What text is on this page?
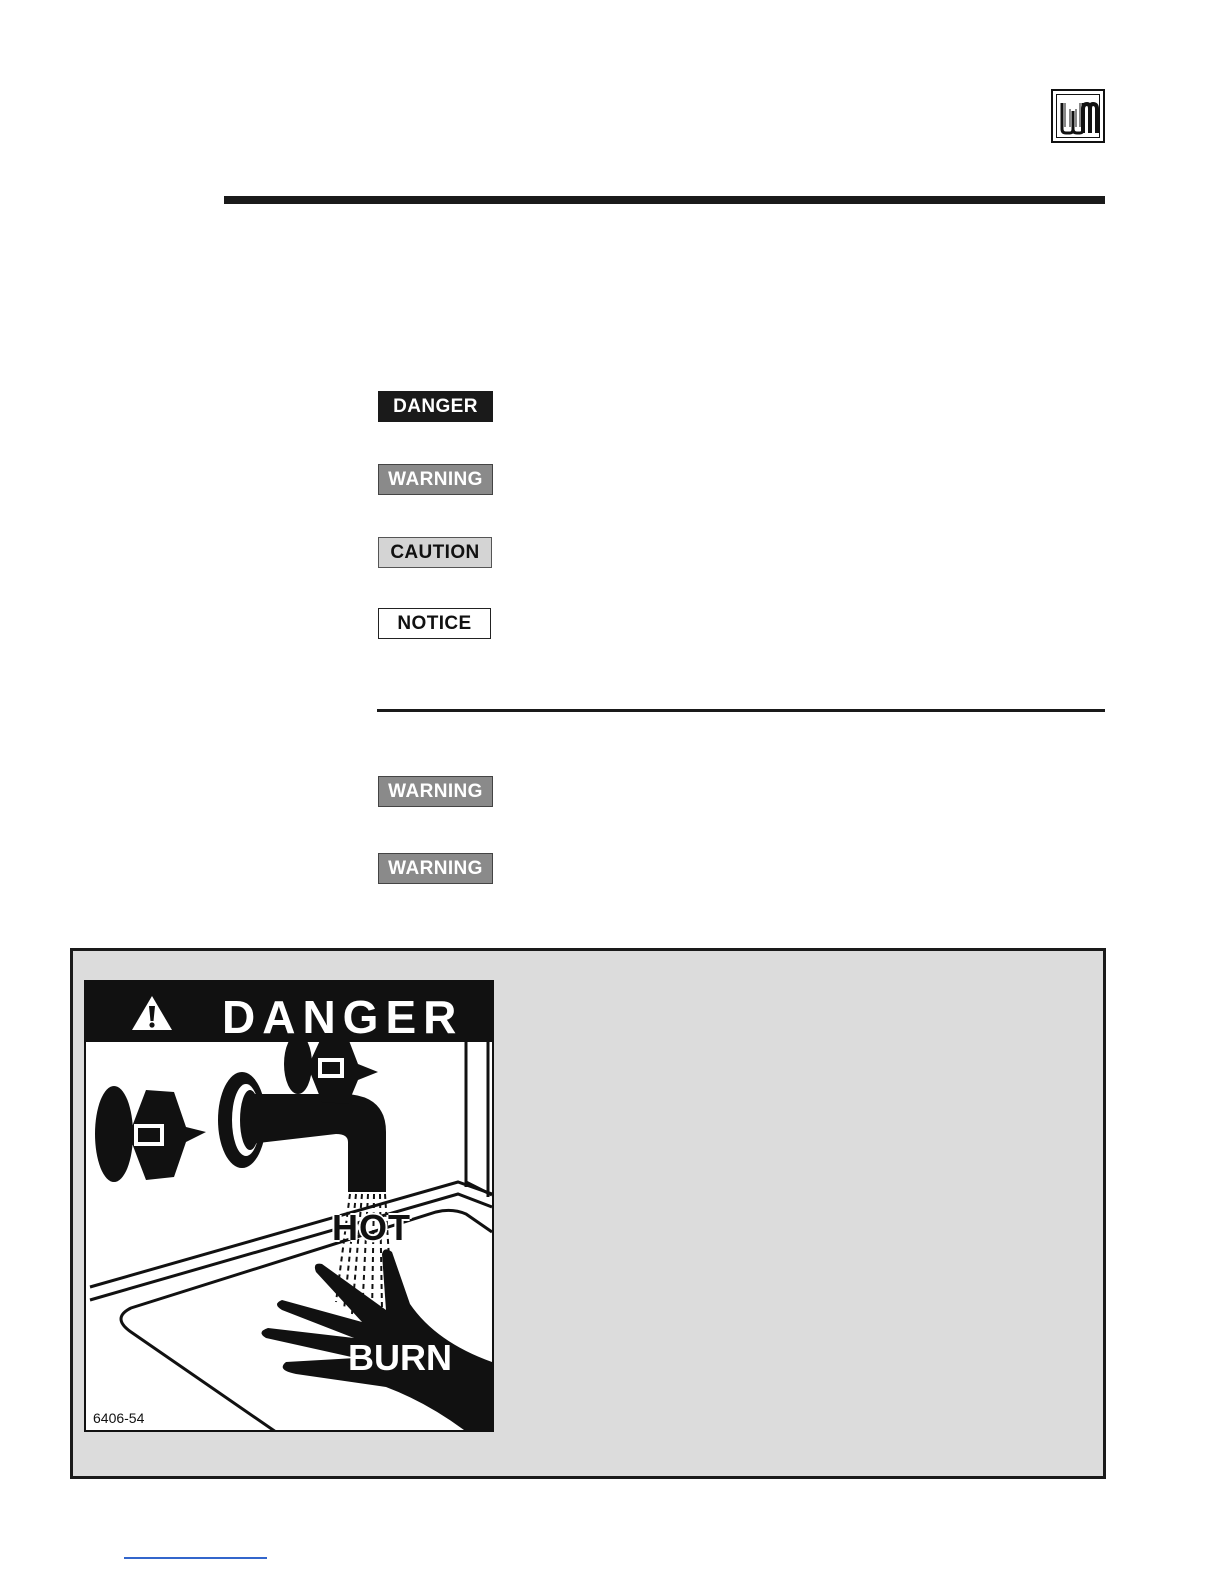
DANGER
WARNING
CAUTION
NOTICE
WARNING
WARNING
DANGER
HOT
BURN
6406-54
